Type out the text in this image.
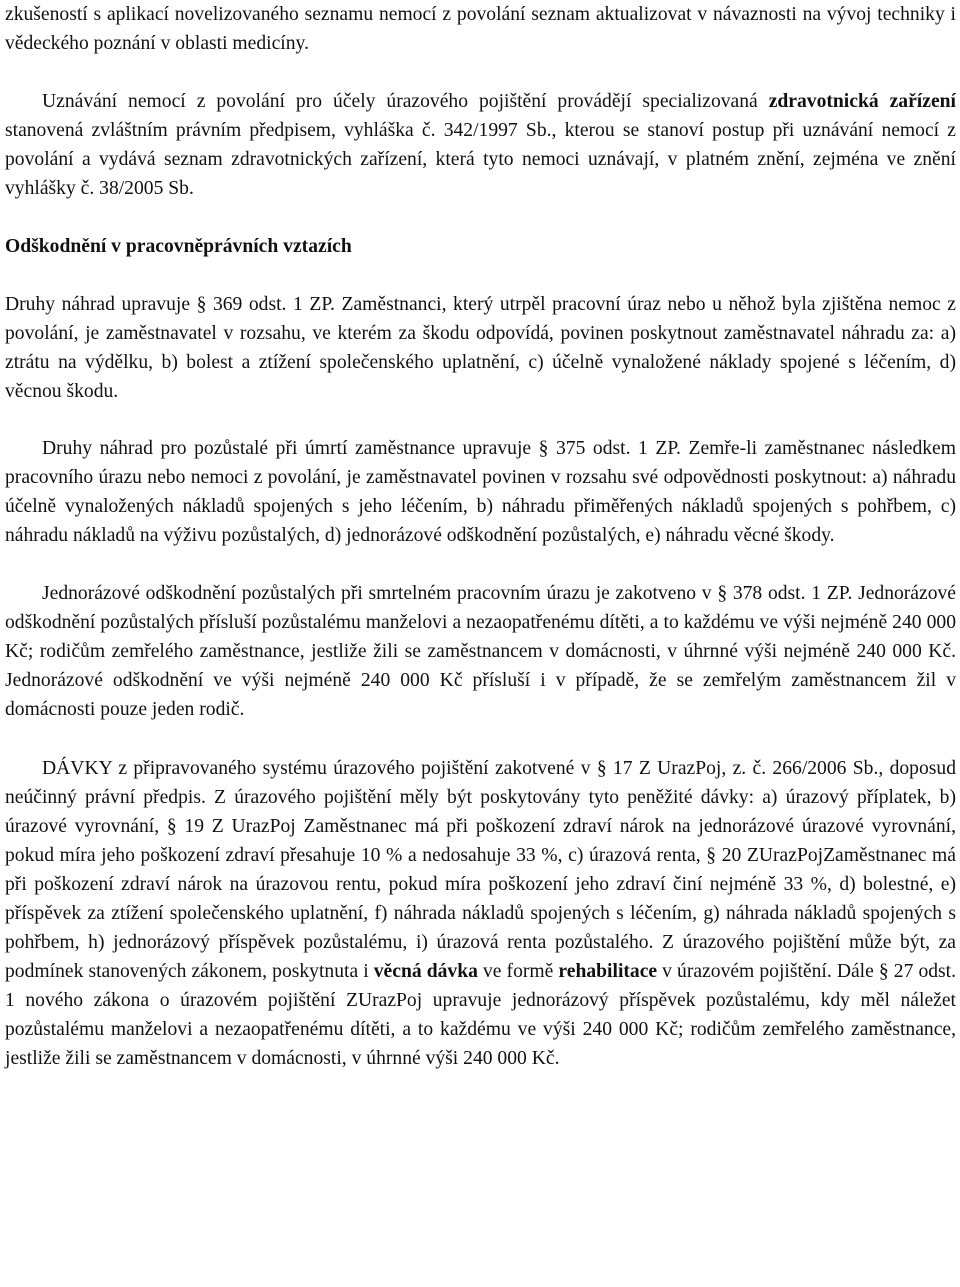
zkušeností s aplikací novelizovaného seznamu nemocí z povolání seznam aktualizovat v návaznosti na vývoj techniky i vědeckého poznání v oblasti medicíny.

Uznávání nemocí z povolání pro účely úrazového pojištění provádějí specializovaná zdravotnická zařízení stanovená zvláštním právním předpisem, vyhláška č. 342/1997 Sb., kterou se stanoví postup při uznávání nemocí z povolání a vydává seznam zdravotnických zařízení, která tyto nemoci uznávají, v platném znění, zejména ve znění vyhlášky č. 38/2005 Sb.

Odškodnění v pracovněprávních vztazích

Druhy náhrad upravuje § 369 odst. 1 ZP. Zaměstnanci, který utrpěl pracovní úraz nebo u něhož byla zjištěna nemoc z povolání, je zaměstnavatel v rozsahu, ve kterém za škodu odpovídá, povinen poskytnout zaměstnavatel náhradu za: a) ztrátu na výdělku, b) bolest a ztížení společenského uplatnění, c) účelně vynaložené náklady spojené s léčením, d) věcnou škodu.

Druhy náhrad pro pozůstalé při úmrtí zaměstnance upravuje § 375 odst. 1 ZP. Zemře-li zaměstnanec následkem pracovního úrazu nebo nemoci z povolání, je zaměstnavatel povinen v rozsahu své odpovědnosti poskytnout: a) náhradu účelně vynaložených nákladů spojených s jeho léčením, b) náhradu přiměřených nákladů spojených s pohřbem, c) náhradu nákladů na výživu pozůstalých, d) jednorázové odškodnění pozůstalých, e) náhradu věcné škody.

Jednorázové odškodnění pozůstalých při smrtelném pracovním úrazu je zakotveno v § 378 odst. 1 ZP. Jednorázové odškodnění pozůstalých přísluší pozůstalému manželovi a nezaopatřenému dítěti, a to každému ve výši nejméně 240 000 Kč; rodičům zemřelého zaměstnance, jestliže žili se zaměstnancem v domácnosti, v úhrnné výši nejméně 240 000 Kč. Jednorázové odškodnění ve výši nejméně 240 000 Kč přísluší i v případě, že se zemřelým zaměstnancem žil v domácnosti pouze jeden rodič.

DÁVKY z připravovaného systému úrazového pojištění zakotvené v § 17 Z UrazPoj, z. č. 266/2006 Sb., doposud neúčinný právní předpis. Z úrazového pojištění měly být poskytovány tyto peněžité dávky: a) úrazový příplatek, b) úrazové vyrovnání, § 19 Z UrazPoj Zaměstnanec má při poškození zdraví nárok na jednorázové úrazové vyrovnání, pokud míra jeho poškození zdraví přesahuje 10 % a nedosahuje 33 %, c) úrazová renta, § 20 ZUrazPojZaměstnanec má při poškození zdraví nárok na úrazovou rentu, pokud míra poškození jeho zdraví činí nejméně 33 %, d) bolestné, e) příspěvek za ztížení společenského uplatnění, f) náhrada nákladů spojených s léčením, g) náhrada nákladů spojených s pohřbem, h) jednorázový příspěvek pozůstalému, i) úrazová renta pozůstalého. Z úrazového pojištění může být, za podmínek stanovených zákonem, poskytnuta i věcná dávka ve formě rehabilitace v úrazovém pojištění. Dále § 27 odst. 1 nového zákona o úrazovém pojištění ZUrazPoj upravuje jednorázový příspěvek pozůstalému, kdy měl náležet pozůstalému manželovi a nezaopatřenému dítěti, a to každému ve výši 240 000 Kč; rodičům zemřelého zaměstnance, jestliže žili se zaměstnancem v domácnosti, v úhrnné výši 240 000 Kč.
